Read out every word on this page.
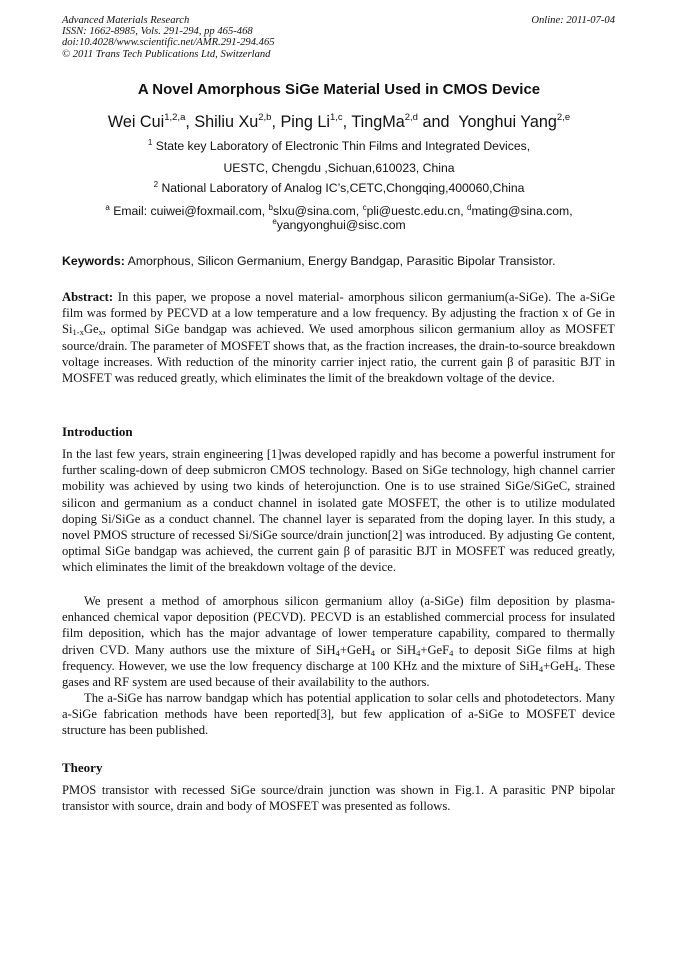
Advanced Materials Research
ISSN: 1662-8985, Vols. 291-294, pp 465-468
doi:10.4028/www.scientific.net/AMR.291-294.465
© 2011 Trans Tech Publications Ltd, Switzerland
Online: 2011-07-04
A Novel Amorphous SiGe Material Used in CMOS Device
Wei Cui$^{1,2,a}$, Shiliu Xu$^{2,b}$, Ping Li$^{1,c}$, TingMa$^{2,d}$ and  Yonghui Yang$^{2,e}$
$^1$ State key Laboratory of Electronic Thin Films and Integrated Devices,
UESTC, Chengdu ,Sichuan,610023, China
$^2$ National Laboratory of Analog IC’s,CETC,Chongqing,400060,China
$^a$ Email: cuiwei@foxmail.com, $^b$slxu@sina.com, $^c$pli@uestc.edu.cn, $^d$mating@sina.com,
$^e$yangyonghui@sisc.com
Keywords: Amorphous, Silicon Germanium, Energy Bandgap, Parasitic Bipolar Transistor.

Abstract: In this paper, we propose a novel material- amorphous silicon germanium(a-SiGe). The a-SiGe film was formed by PECVD at a low temperature and a low frequency. By adjusting the fraction x of Ge in $Si_{1-x}Ge_x$, optimal SiGe bandgap was achieved. We used amorphous silicon germanium alloy as MOSFET source/drain. The parameter of MOSFET shows that, as the fraction increases, the drain-to-source breakdown voltage increases. With reduction of the minority carrier inject ratio, the current gain β of parasitic BJT in MOSFET was reduced greatly, which eliminates the limit of the breakdown voltage of the device.

Introduction

In the last few years, strain engineering [1]was developed rapidly and has become a powerful instrument for further scaling-down of deep submicron CMOS technology. Based on SiGe technology, high channel carrier mobility was achieved by using two kinds of heterojunction. One is to use strained SiGe/SiGeC, strained silicon and germanium as a conduct channel in isolated gate MOSFET, the other is to utilize modulated doping Si/SiGe as a conduct channel. The channel layer is separated from the doping layer. In this study, a novel PMOS structure of recessed Si/SiGe source/drain junction[2] was introduced. By adjusting Ge content, optimal SiGe bandgap was achieved, the current gain β of parasitic BJT in MOSFET was reduced greatly, which eliminates the limit of the breakdown voltage of the device.

We present a method of amorphous silicon germanium alloy (a-SiGe) film deposition by plasma-enhanced chemical vapor deposition (PECVD). PECVD is an established commercial process for insulated film deposition, which has the major advantage of lower temperature capability, compared to thermally driven CVD. Many authors use the mixture of SiH$_4$+GeH$_4$ or SiH$_4$+GeF$_4$ to deposit SiGe films at high frequency. However, we use the low frequency discharge at 100 KHz and the mixture of SiH$_4$+GeH$_4$. These gases and RF system are used because of their availability to the authors.

The a-SiGe has narrow bandgap which has potential application to solar cells and photodetectors. Many a-SiGe fabrication methods have been reported[3], but few application of a-SiGe to MOSFET device structure has been published.

Theory

PMOS transistor with recessed SiGe source/drain junction was shown in Fig.1. A parasitic PNP bipolar transistor with source, drain and body of MOSFET was presented as follows.
